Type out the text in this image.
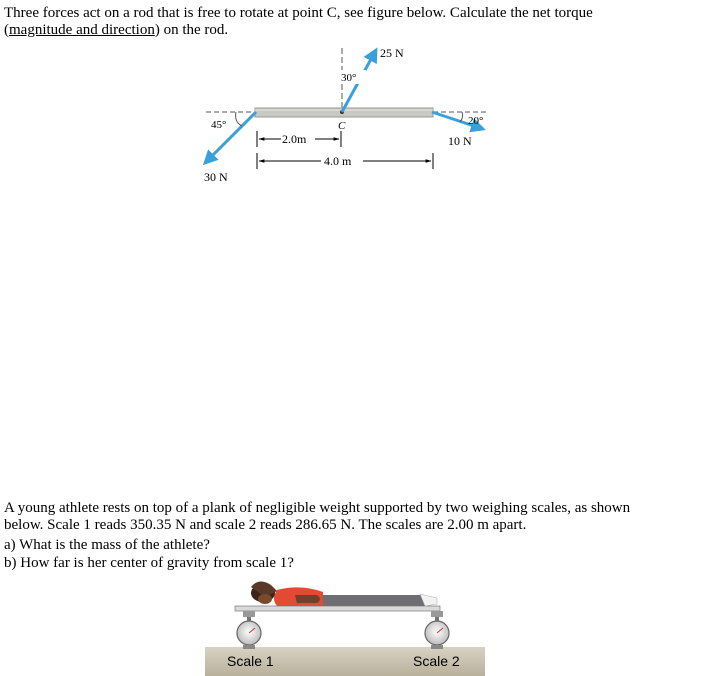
Three forces act on a rod that is free to rotate at point C, see figure below. Calculate the net torque
(magnitude and direction) on the rod.

25 N
30°
C
45°	20°
10 N
30 N
2.0m
4.0 m

A young athlete rests on top of a plank of negligible weight supported by two weighing scales, as shown
below. Scale 1 reads 350.35 N and scale 2 reads 286.65 N. The scales are 2.00 m apart.

a) What is the mass of the athlete?
b) How far is her center of gravity from scale 1?
Scale 1	Scale 2
